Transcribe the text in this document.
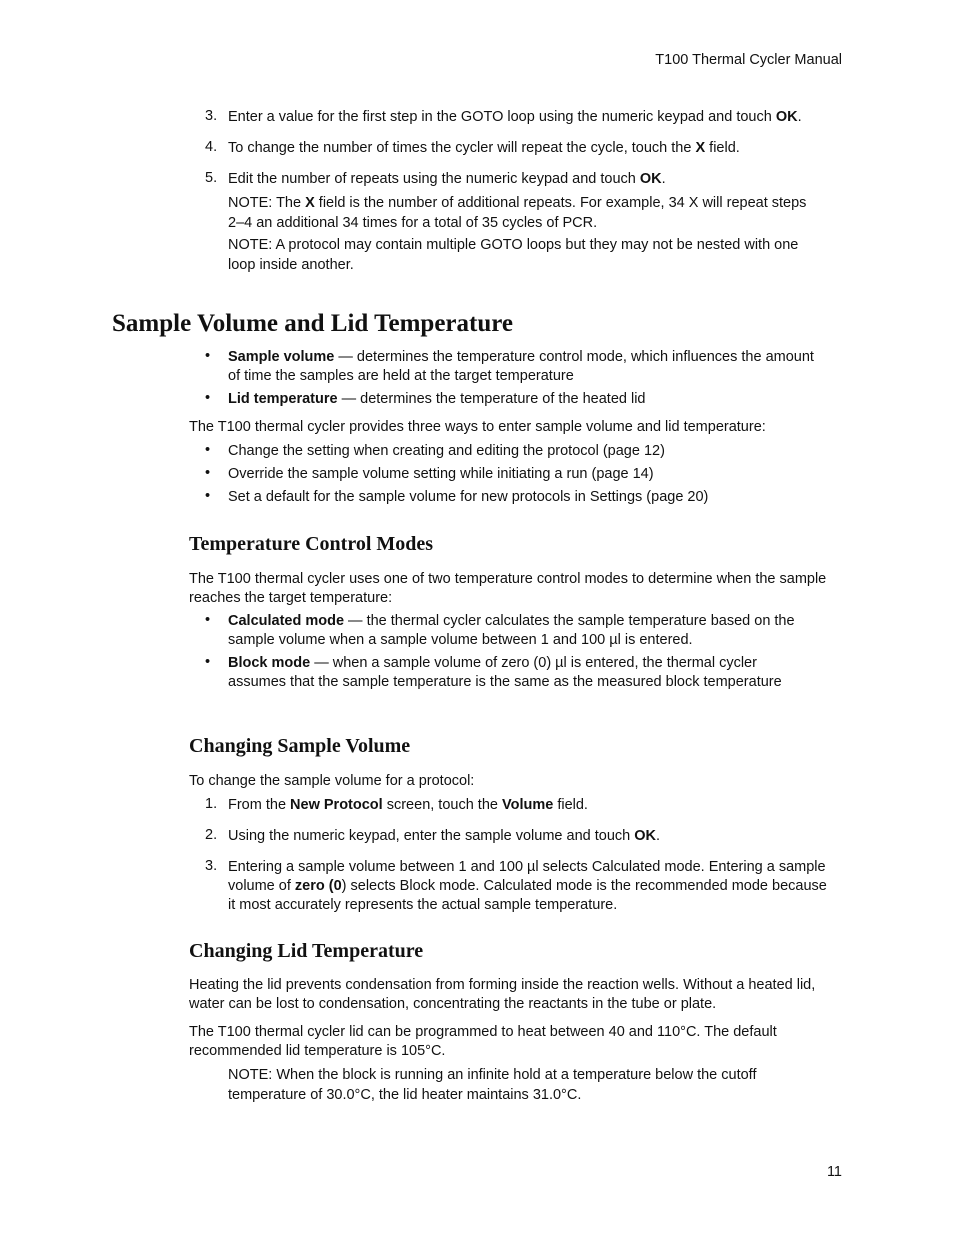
T100 Thermal Cycler Manual
3. Enter a value for the first step in the GOTO loop using the numeric keypad and touch OK.
4. To change the number of times the cycler will repeat the cycle, touch the X field.
5. Edit the number of repeats using the numeric keypad and touch OK.
NOTE: The X field is the number of additional repeats. For example, 34 X will repeat steps 2–4 an additional 34 times for a total of 35 cycles of PCR.
NOTE: A protocol may contain multiple GOTO loops but they may not be nested with one loop inside another.
Sample Volume and Lid Temperature
• Sample volume — determines the temperature control mode, which influences the amount of time the samples are held at the target temperature
• Lid temperature — determines the temperature of the heated lid
The T100 thermal cycler provides three ways to enter sample volume and lid temperature:
• Change the setting when creating and editing the protocol (page 12)
• Override the sample volume setting while initiating a run (page 14)
• Set a default for the sample volume for new protocols in Settings (page 20)
Temperature Control Modes
The T100 thermal cycler uses one of two temperature control modes to determine when the sample reaches the target temperature:
• Calculated mode — the thermal cycler calculates the sample temperature based on the sample volume when a sample volume between 1 and 100 µl is entered.
• Block mode — when a sample volume of zero (0) µl is entered, the thermal cycler assumes that the sample temperature is the same as the measured block temperature
Changing Sample Volume
To change the sample volume for a protocol:
1. From the New Protocol screen, touch the Volume field.
2. Using the numeric keypad, enter the sample volume and touch OK.
3. Entering a sample volume between 1 and 100 µl selects Calculated mode. Entering a sample volume of zero (0) selects Block mode. Calculated mode is the recommended mode because it most accurately represents the actual sample temperature.
Changing Lid Temperature
Heating the lid prevents condensation from forming inside the reaction wells. Without a heated lid, water can be lost to condensation, concentrating the reactants in the tube or plate.
The T100 thermal cycler lid can be programmed to heat between 40 and 110°C. The default recommended lid temperature is 105°C.
NOTE: When the block is running an infinite hold at a temperature below the cutoff temperature of 30.0°C, the lid heater maintains 31.0°C.
11
